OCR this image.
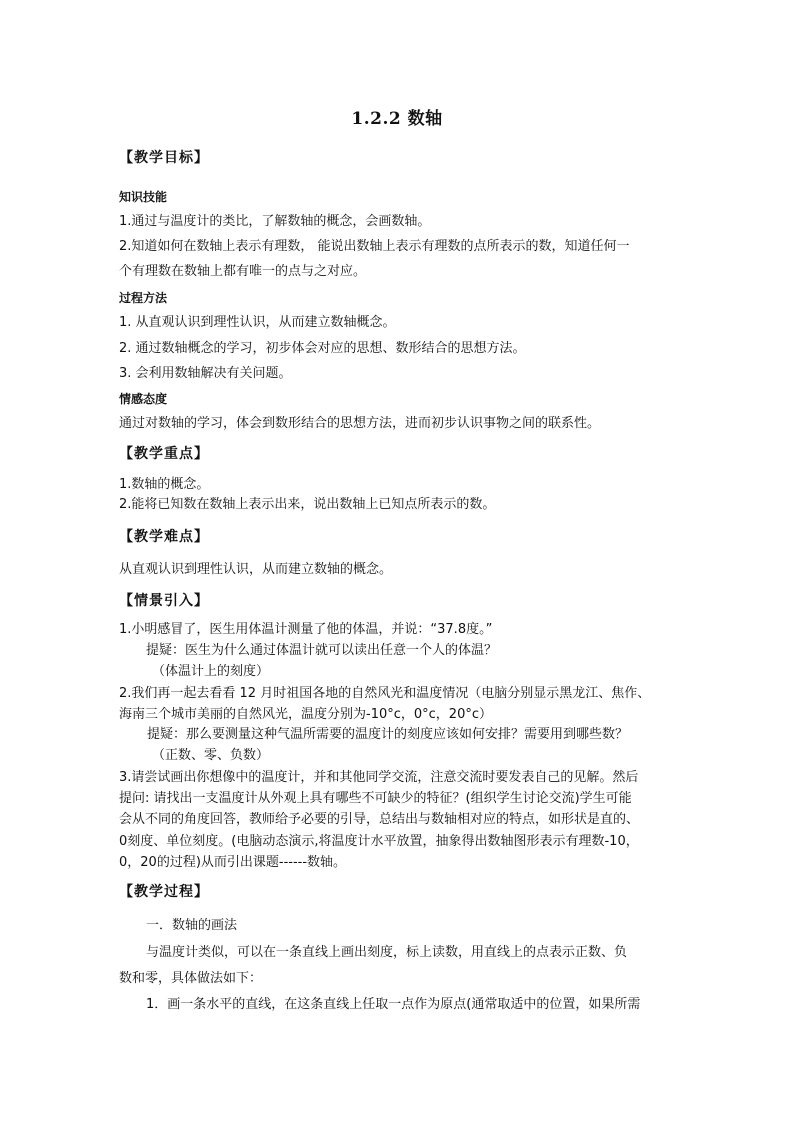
1.2.2 数轴
【教学目标】
知识技能
1.通过与温度计的类比，了解数轴的概念，会画数轴。
2.知道如何在数轴上表示有理数， 能说出数轴上表示有理数的点所表示的数，知道任何一
个有理数在数轴上都有唯一的点与之对应。
过程方法
1. 从直观认识到理性认识，从而建立数轴概念。
2. 通过数轴概念的学习，初步体会对应的思想、数形结合的思想方法。
3. 会利用数轴解决有关问题。
情感态度
通过对数轴的学习，体会到数形结合的思想方法，进而初步认识事物之间的联系性。
【教学重点】
1.数轴的概念。
2.能将已知数在数轴上表示出来，说出数轴上已知点所表示的数。
【教学难点】
从直观认识到理性认识，从而建立数轴的概念。
【情景引入】
1.小明感冒了，医生用体温计测量了他的体温，并说：“37.8度。”
提疑：医生为什么通过体温计就可以读出任意一个人的体温？
（体温计上的刻度）
2.我们再一起去看看 12 月时祖国各地的自然风光和温度情况（电脑分别显示黑龙江、焦作、
海南三个城市美丽的自然风光，温度分别为-10°c，0°c，20°c）
提疑：那么要测量这种气温所需要的温度计的刻度应该如何安排？需要用到哪些数？
（正数、零、负数）
3.请尝试画出你想像中的温度计，并和其他同学交流，注意交流时要发表自己的见解。然后
提问: 请找出一支温度计从外观上具有哪些不可缺少的特征？(组织学生讨论交流)学生可能
会从不同的角度回答，教师给予必要的引导，总结出与数轴相对应的特点，如形状是直的、
0刻度、单位刻度。(电脑动态演示,将温度计水平放置，抽象得出数轴图形表示有理数-10，
0，20的过程)从而引出课题------数轴。
【教学过程】
一．数轴的画法
与温度计类似，可以在一条直线上画出刻度，标上读数，用直线上的点表示正数、负
数和零，具体做法如下：
1．画一条水平的直线，在这条直线上任取一点作为原点(通常取适中的位置，如果所需
